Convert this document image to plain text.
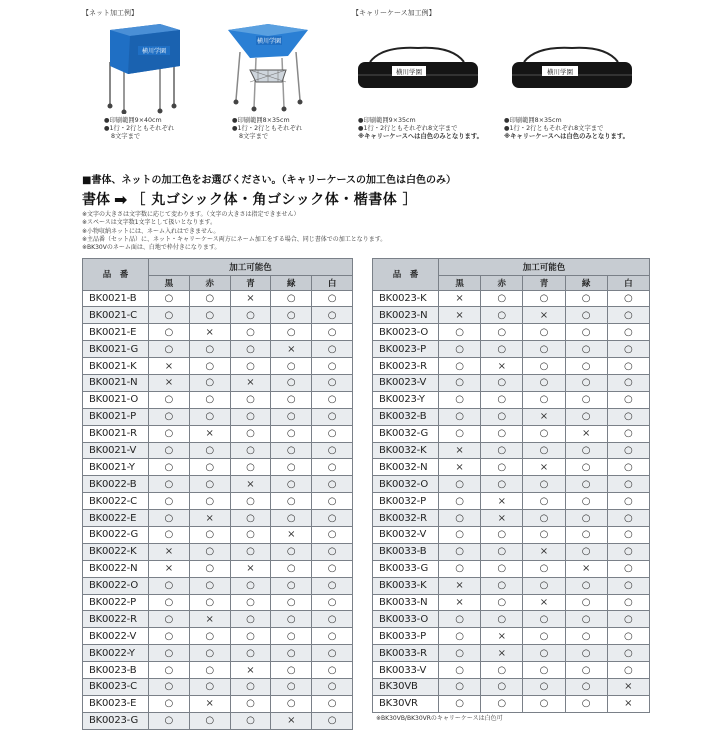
【ネット加工例】	【キャリーケース加工例】
横川学園
●印刷範囲9×40cm
●1行・2行ともそれぞれ
8文字まで
横川学園
●印刷範囲8×35cm
●1行・2行ともそれぞれ
8文字まで
横川学園
●印刷範囲9×35cm
●1行・2行ともそれぞれ8文字まで
※キャリーケースへは白色のみとなります。
横川学園
●印刷範囲8×35cm
●1行・2行ともそれぞれ8文字まで
※キャリーケースへは白色のみとなります。
■書体、ネットの加工色をお選びください。（キャリーケースの加工色は白色のみ）
書体 ➡ ［ 丸ゴシック体・角ゴシック体・楷書体 ］
※文字の大きさは文字数に応じて変わります。（文字の大きさは指定できません）
※スペースは文字数1文字として扱いとなります。
※小物収納ネットには、ネーム入れはできません。
※主品番（セット品）に、ネット・キャリーケース両方にネーム加工をする場合、同じ書体での加工となります。
※BK30Vのネーム面は、白地で枠付きになります。
品　番	加工可能色				
	黒	赤	青	緑	白
BK0021-B	○	○	×	○	○
BK0021-C	○	○	○	○	○
BK0021-E	○	×	○	○	○
BK0021-G	○	○	○	×	○
BK0021-K	×	○	○	○	○
BK0021-N	×	○	×	○	○
BK0021-O	○	○	○	○	○
BK0021-P	○	○	○	○	○
BK0021-R	○	×	○	○	○
BK0021-V	○	○	○	○	○
BK0021-Y	○	○	○	○	○
BK0022-B	○	○	×	○	○
BK0022-C	○	○	○	○	○
BK0022-E	○	×	○	○	○
BK0022-G	○	○	○	×	○
BK0022-K	×	○	○	○	○
BK0022-N	×	○	×	○	○
BK0022-O	○	○	○	○	○
BK0022-P	○	○	○	○	○
BK0022-R	○	×	○	○	○
BK0022-V	○	○	○	○	○
BK0022-Y	○	○	○	○	○
BK0023-B	○	○	×	○	○
BK0023-C	○	○	○	○	○
BK0023-E	○	×	○	○	○
BK0023-G	○	○	○	×	○
品　番	加工可能色				
	黒	赤	青	緑	白
BK0023-K	×	○	○	○	○
BK0023-N	×	○	×	○	○
BK0023-O	○	○	○	○	○
BK0023-P	○	○	○	○	○
BK0023-R	○	×	○	○	○
BK0023-V	○	○	○	○	○
BK0023-Y	○	○	○	○	○
BK0032-B	○	○	×	○	○
BK0032-G	○	○	○	×	○
BK0032-K	×	○	○	○	○
BK0032-N	×	○	×	○	○
BK0032-O	○	○	○	○	○
BK0032-P	○	×	○	○	○
BK0032-R	○	×	○	○	○
BK0032-V	○	○	○	○	○
BK0033-B	○	○	×	○	○
BK0033-G	○	○	○	×	○
BK0033-K	×	○	○	○	○
BK0033-N	×	○	×	○	○
BK0033-O	○	○	○	○	○
BK0033-P	○	×	○	○	○
BK0033-R	○	×	○	○	○
BK0033-V	○	○	○	○	○
BK30VB	○	○	○	○	×
BK30VR	○	○	○	○	×
※BK30VB/BK30VRのキャリーケースは白色可
